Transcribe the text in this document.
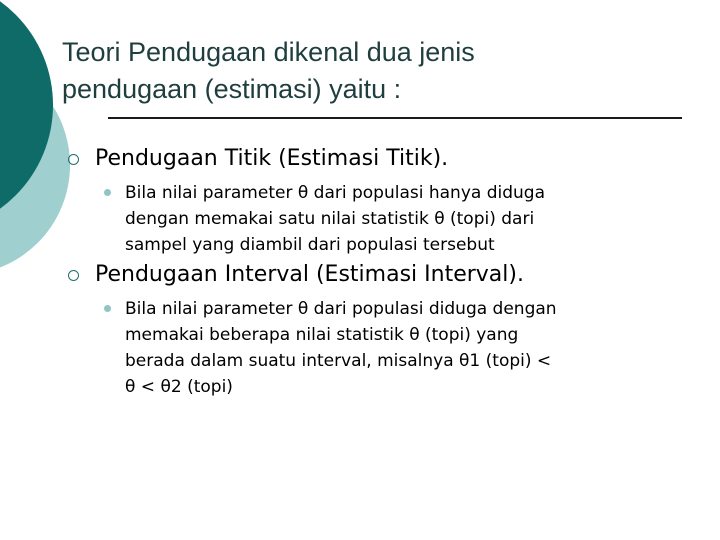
Teori Pendugaan dikenal dua jenis
pendugaan (estimasi) yaitu :
Pendugaan Titik (Estimasi Titik).
Bila nilai parameter θ dari populasi hanya diduga
dengan memakai satu nilai statistik θ (topi) dari
sampel yang diambil dari populasi tersebut
Pendugaan Interval (Estimasi Interval).
Bila nilai parameter θ dari populasi diduga dengan
memakai beberapa nilai statistik θ (topi) yang
berada dalam suatu interval, misalnya θ1 (topi) <
θ < θ2 (topi)
